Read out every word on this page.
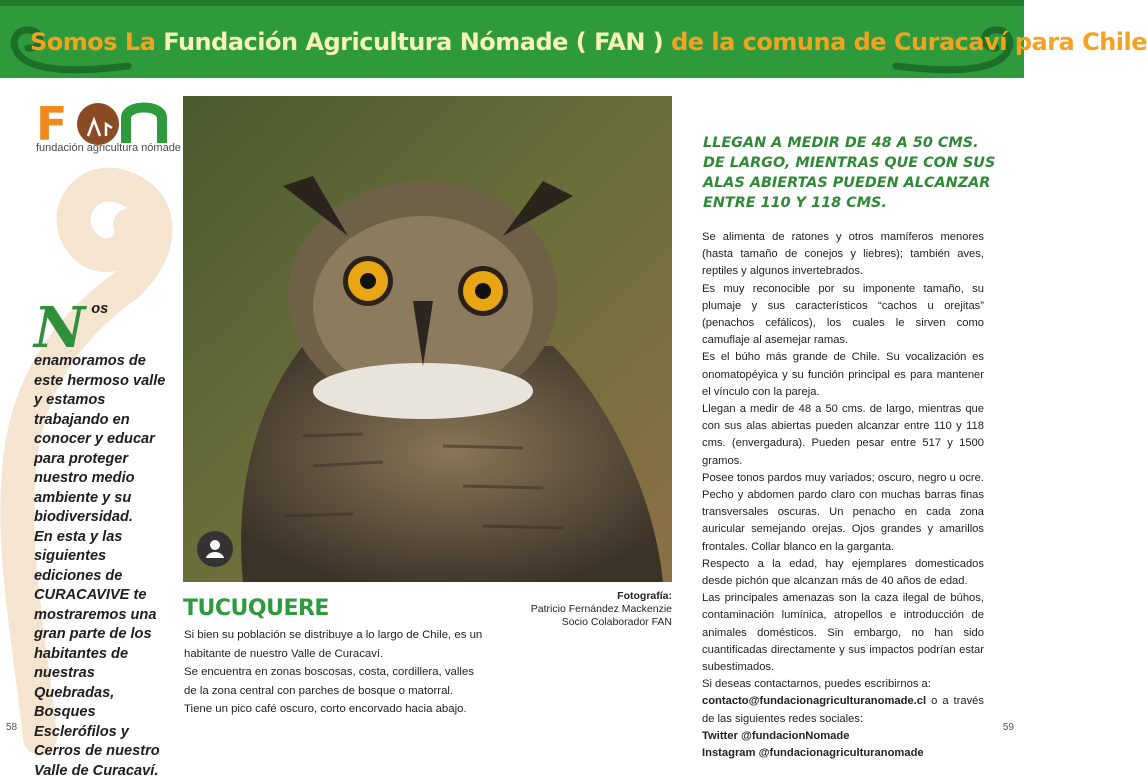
Somos La Fundación Agricultura Nómade ( FAN ) de la comuna de Curacaví para Chile
F
fundación agricultura nómade
N os enamoramos de este hermoso valle y estamos trabajando en conocer y educar para proteger nuestro medio ambiente y su biodiversidad.

En esta y las siguientes ediciones de CURACAVIVE te mostraremos una gran parte de los habitantes de nuestras Quebradas, Bosques Esclerófilos y Cerros de nuestro Valle de Curacaví.

Fotografía:
Patricio Fernández Mackenzie
Socio Colaborador FAN
TUCUQUERE

Si bien su población se distribuye a lo largo de Chile, es un habitante de nuestro Valle de Curacaví.

Se encuentra en zonas boscosas, costa, cordillera, valles de la zona central con parches de bosque o matorral.

Tiene un pico café oscuro, corto encorvado hacia abajo.

LLEGAN A MEDIR DE 48 A 50 CMS. DE LARGO, MIENTRAS QUE CON SUS ALAS ABIERTAS PUEDEN ALCANZAR ENTRE 110 Y 118 CMS.

Se alimenta de ratones y otros mamíferos menores (hasta tamaño de conejos y liebres); también aves, reptiles y algunos invertebrados.

Es muy reconocible por su imponente tamaño, su plumaje y sus característicos “cachos u orejitas” (penachos cefálicos), los cuales le sirven como camuflaje al asemejar ramas.

Es el búho más grande de Chile. Su vocalización es onomatopéyica y su función principal es para mantener el vínculo con la pareja.

Llegan a medir de 48 a 50 cms. de largo, mientras que con sus alas abiertas pueden alcanzar entre 110 y 118 cms. (envergadura). Pueden pesar entre 517 y 1500 gramos.

Posee tonos pardos muy variados; oscuro, negro u ocre. Pecho y abdomen pardo claro con muchas barras finas transversales oscuras. Un penacho en cada zona auricular semejando orejas. Ojos grandes y amarillos frontales. Collar blanco en la garganta.

Respecto a la edad, hay ejemplares domesticados desde pichón que alcanzan más de 40 años de edad.

Las principales amenazas son la caza ilegal de búhos, contaminación lumínica, atropellos e introducción de animales domésticos. Sin embargo, no han sido cuantificadas directamente y sus impactos podrían estar subestimados.

Si deseas contactarnos, puedes escribirnos a:

contacto@fundacionagriculturanomade.cl o a través de las siguientes redes sociales:

Twitter @fundacionNomade

Instagram @fundacionagriculturanomade

58	59
